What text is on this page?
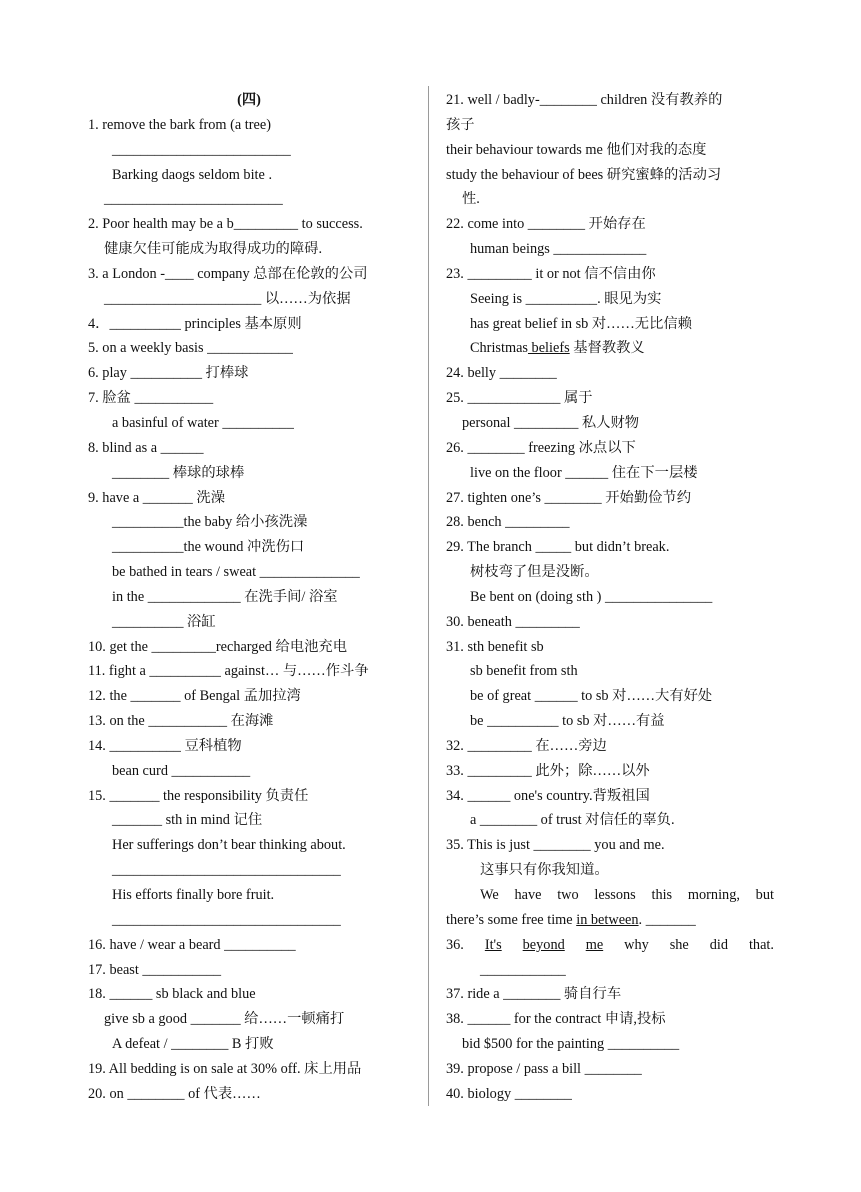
(四)
1. remove the bark from (a tree)
_________________________
Barking daogs seldom bite .
_________________________
2. Poor health may be a b_________ to success.
健康欠佳可能成为取得成功的障碍.
3. a London -____ company 总部在伦敦的公司
______________________ 以……为依据
4．__________ principles 基本原则
5. on a weekly basis ____________
6. play __________ 打棒球
7. 脸盆 ___________
a basinful of water __________
8. blind as a ______
________ 棒球的球棒
9. have a _______ 洗澡
__________the baby 给小孩洗澡
__________the wound 冲洗伤口
be bathed in tears / sweat ______________
in the _____________ 在洗手间/ 浴室
__________ 浴缸
10. get the _________recharged 给电池充电
11. fight a __________ against… 与……作斗争
12. the _______ of Bengal 孟加拉湾
13. on the ___________ 在海滩
14. __________ 豆科植物
bean curd ___________
15. _______ the responsibility 负责任
_______ sth in mind 记住
Her sufferings don’t bear thinking about.
________________________________
His efforts finally bore fruit.
________________________________
16. have / wear a beard __________
17. beast ___________
18. ______ sb black and blue
give sb a good _______ 给……一顿痛打
A defeat / ________ B 打败
19. All bedding is on sale at 30% off. 床上用品
20. on ________ of 代表……
21. well / badly-________ children 没有教养的
孩子
their behaviour towards me 他们对我的态度
study the behaviour of bees 研究蜜蜂的活动习
性.
22. come into ________ 开始存在
human beings _____________
23. _________ it or not 信不信由你
Seeing is __________. 眼见为实
has great belief in sb 对……无比信赖
Christmas beliefs 基督教教义
24. belly ________
25. _____________ 属于
personal _________ 私人财物
26. ________ freezing 冰点以下
live on the floor ______ 住在下一层楼
27. tighten one’s ________ 开始勤俭节约
28. bench _________
29. The branch _____ but didn’t break.
树枝弯了但是没断。
Be bent on (doing sth ) _______________
30. beneath _________
31. sth benefit sb
sb benefit from sth
be of great ______ to sb 对……大有好处
be __________ to sb 对……有益
32. _________ 在……旁边
33. _________ 此外；除……以外
34. ______ one's country.背叛祖国
a ________ of trust 对信任的辜负.
35. This is just ________ you and me.
这事只有你我知道。
We have two lessons this morning, but
there’s some free time in between. _______
36. It's beyond me why she did that.
____________
37. ride a ________ 骑自行车
38. ______ for the contract 申请,投标
bid $500 for the painting __________
39. propose / pass a bill ________
40. biology ________
